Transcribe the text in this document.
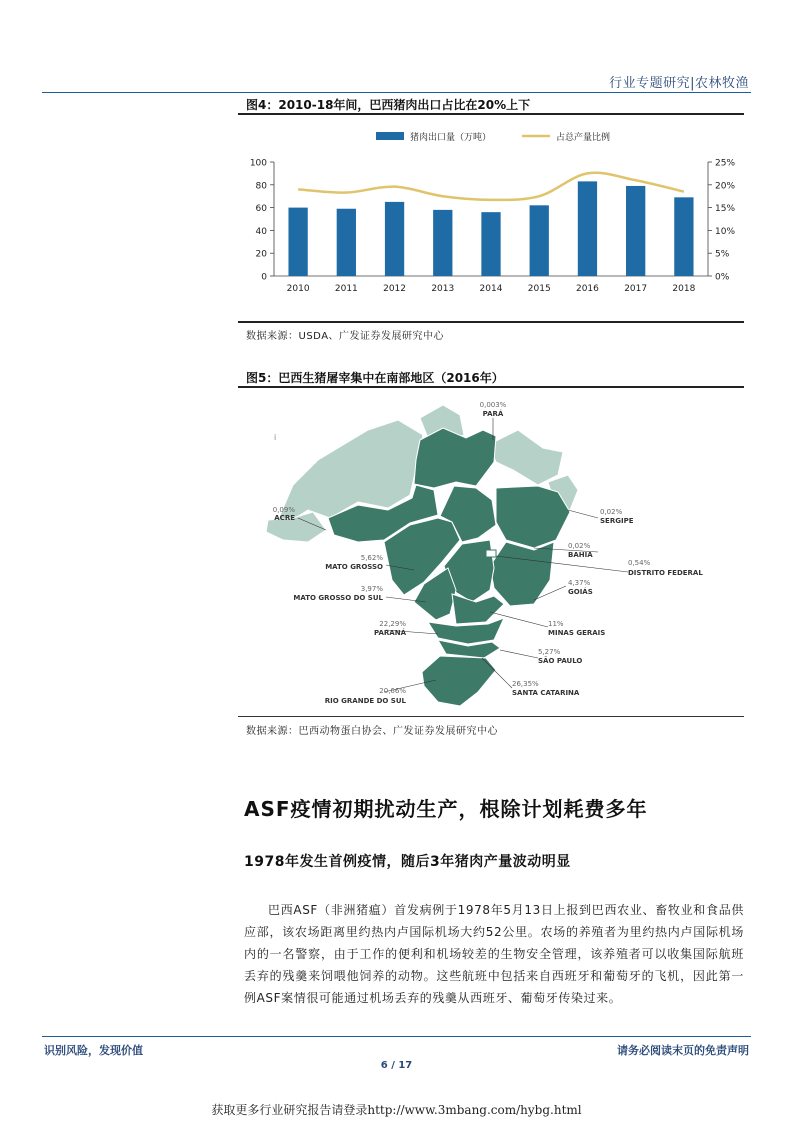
行业专题研究|农林牧渔
图4：2010-18年间，巴西猪肉出口占比在20%上下
0
20
40
60
80
100
0%
5%
10%
15%
20%
25%
2010	2011	2012	2013	2014	2015	2016	2017	2018
猪肉出口量（万吨）	占总产量比例
数据来源：USDA、广发证券发展研究中心
图5：巴西生猪屠宰集中在南部地区（2016年）
i
0,003%
PARÁ
0,09%
ACRE
0,02%
SERGIPE
0,02%
BAHIA
0,54%
DISTRITO FEDERAL
5,62%
MATO GROSSO
4,37%
GOIÁS
3,97%
MATO GROSSO DO SUL
11%
MINAS GERAIS
22,29%
PARANÁ
5,27%
SÃO PAULO
26,35%
SANTA CATARINA
20,66%
RIO GRANDE DO SUL
数据来源：巴西动物蛋白协会、广发证券发展研究中心
ASF疫情初期扰动生产，根除计划耗费多年
1978年发生首例疫情，随后3年猪肉产量波动明显
巴西ASF（非洲猪瘟）首发病例于1978年5月13日上报到巴西农业、畜牧业和食品供应部，该农场距离里约热内卢国际机场大约52公里。农场的养殖者为里约热内卢国际机场内的一名警察，由于工作的便利和机场较差的生物安全管理，该养殖者可以收集国际航班丢弃的残羹来饲喂他饲养的动物。这些航班中包括来自西班牙和葡萄牙的飞机，因此第一例ASF案情很可能通过机场丢弃的残羹从西班牙、葡萄牙传染过来。
识别风险，发现价值	请务必阅读末页的免责声明
6 / 17
获取更多行业研究报告请登录http://www.3mbang.com/hybg.html
